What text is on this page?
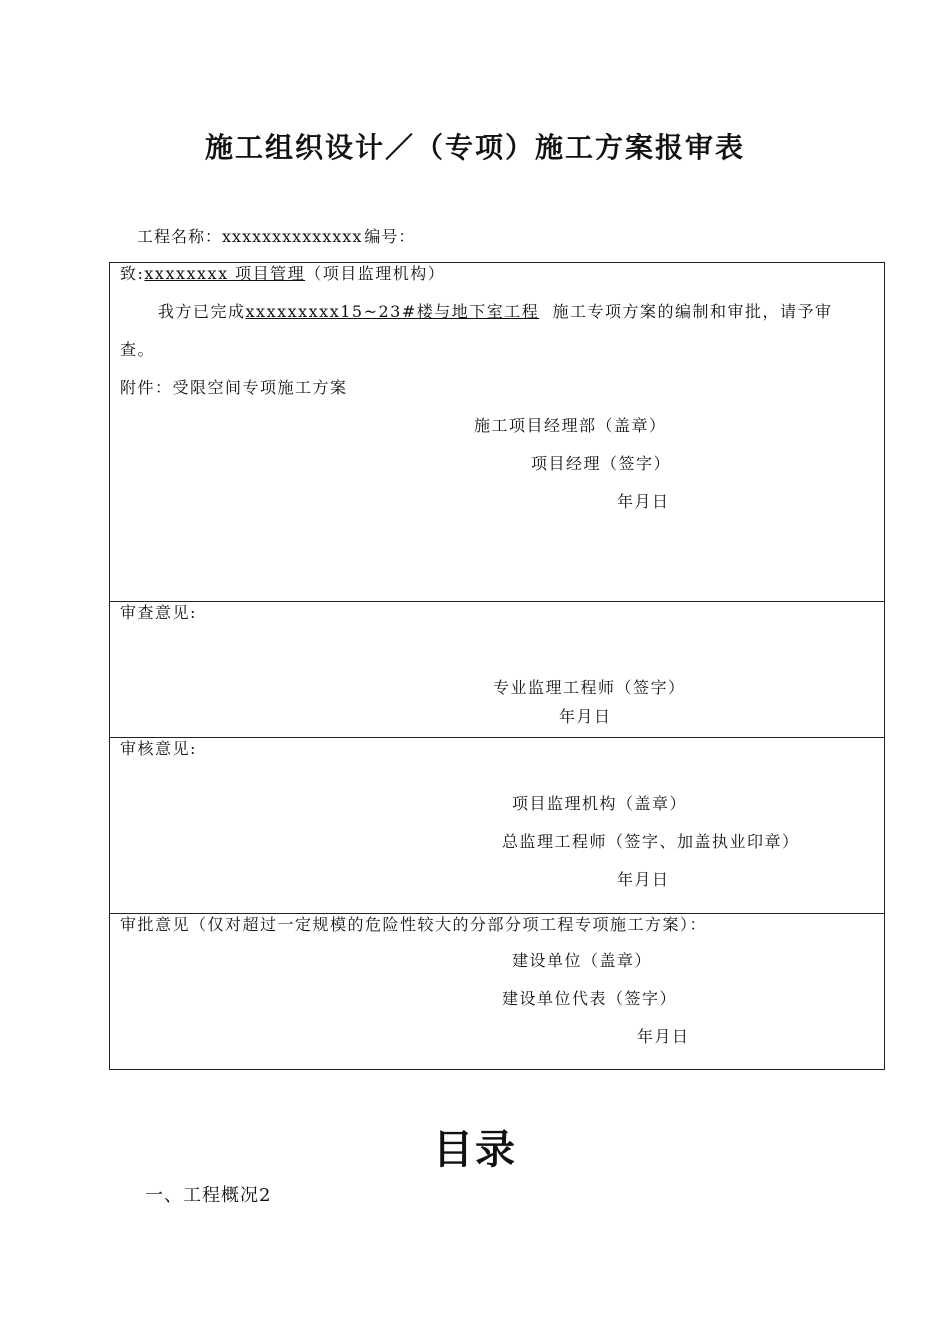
施工组织设计／（专项）施工方案报审表
工程名称：xxxxxxxxxxxxxx 编号：
致:xxxxxxxx 项目管理（项目监理机构）
我方已完成xxxxxxxxx15~23#楼与地下室工程 施工专项方案的编制和审批，请予审
查。
附件：受限空间专项施工方案
施工项目经理部（盖章）
项目经理（签字）
年月日
审查意见:
专业监理工程师（签字）
年月日
审核意见:
项目监理机构（盖章）
总监理工程师（签字、加盖执业印章）
年月日
审批意见（仅对超过一定规模的危险性较大的分部分项工程专项施工方案）：
建设单位（盖章）
建设单位代表（签字）
年月日
目录
一、工程概况2
